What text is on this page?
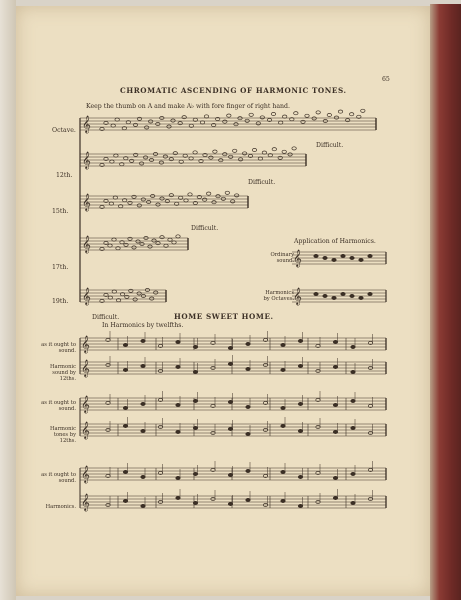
𝄞
𝄞
𝄞
𝄞
𝄞
𝄞
𝄞
𝄞
𝄞
𝄞
𝄞
𝄞
𝄞
65
CHROMATIC ASCENDING OF HARMONIC TONES.
Keep the thumb on A and make A♭ with fore finger of right hand.
Octave.
12th.
15th.
17th.
19th.
Difficult.
Difficult.
Difficult.
Difficult.
Application of Harmonics.
Ordinary sound.
Harmonics by Octaves.
HOME SWEET HOME.
In Harmonics by twelfths.
as it ought to sound.
Harmonic sound by 12ths.
as it ought to sound.
Harmonic tones by 12ths.
as it ought to sound.
Harmonics.
